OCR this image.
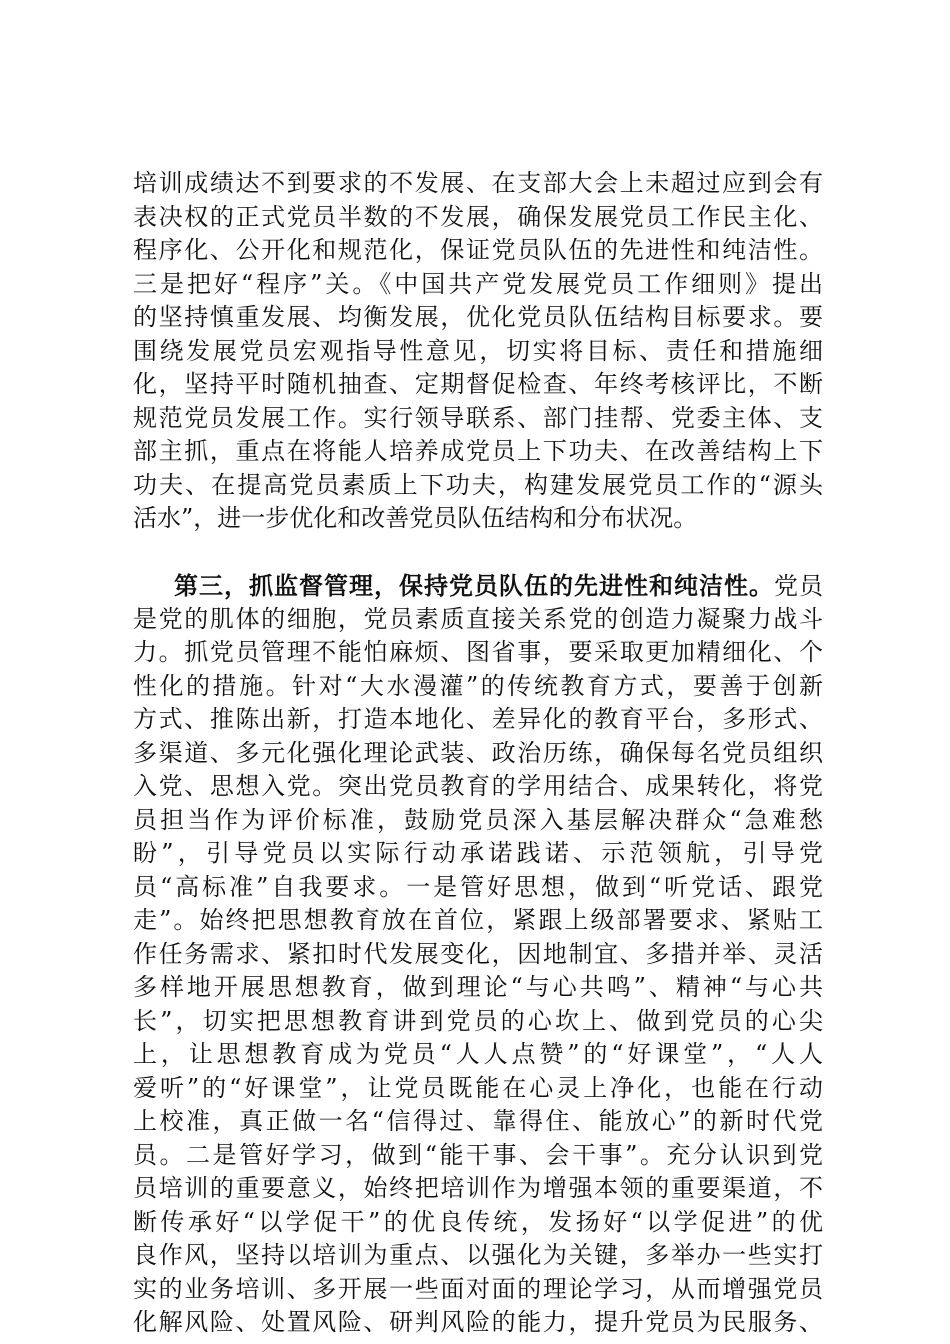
培训成绩达不到要求的不发展、在支部大会上未超过应到会有
表决权的正式党员半数的不发展，确保发展党员工作民主化、
程序化、公开化和规范化，保证党员队伍的先进性和纯洁性。
三是把好“程序”关。《中国共产党发展党员工作细则》提出
的坚持慎重发展、均衡发展，优化党员队伍结构目标要求。要
围绕发展党员宏观指导性意见，切实将目标、责任和措施细
化，坚持平时随机抽查、定期督促检查、年终考核评比，不断
规范党员发展工作。实行领导联系、部门挂帮、党委主体、支
部主抓，重点在将能人培养成党员上下功夫、在改善结构上下
功夫、在提高党员素质上下功夫，构建发展党员工作的“源头
活水”，进一步优化和改善党员队伍结构和分布状况。
第三，抓监督管理，保持党员队伍的先进性和纯洁性。党员
是党的肌体的细胞，党员素质直接关系党的创造力凝聚力战斗
力。抓党员管理不能怕麻烦、图省事，要采取更加精细化、个
性化的措施。针对“大水漫灌”的传统教育方式，要善于创新
方式、推陈出新，打造本地化、差异化的教育平台，多形式、
多渠道、多元化强化理论武装、政治历练，确保每名党员组织
入党、思想入党。突出党员教育的学用结合、成果转化，将党
员担当作为评价标准，鼓励党员深入基层解决群众“急难愁
盼”，引导党员以实际行动承诺践诺、示范领航，引导党
员“高标准”自我要求。一是管好思想，做到“听党话、跟党
走”。始终把思想教育放在首位，紧跟上级部署要求、紧贴工
作任务需求、紧扣时代发展变化，因地制宜、多措并举、灵活
多样地开展思想教育，做到理论“与心共鸣”、精神“与心共
长”，切实把思想教育讲到党员的心坎上、做到党员的心尖
上，让思想教育成为党员“人人点赞”的“好课堂”，“人人
爱听”的“好课堂”，让党员既能在心灵上净化，也能在行动
上校准，真正做一名“信得过、靠得住、能放心”的新时代党
员。二是管好学习，做到“能干事、会干事”。充分认识到党
员培训的重要意义，始终把培训作为增强本领的重要渠道，不
断传承好“以学促干”的优良传统，发扬好“以学促进”的优
良作风，坚持以培训为重点、以强化为关键，多举办一些实打
实的业务培训、多开展一些面对面的理论学习，从而增强党员
化解风险、处置风险、研判风险的能力，提升党员为民服务、
